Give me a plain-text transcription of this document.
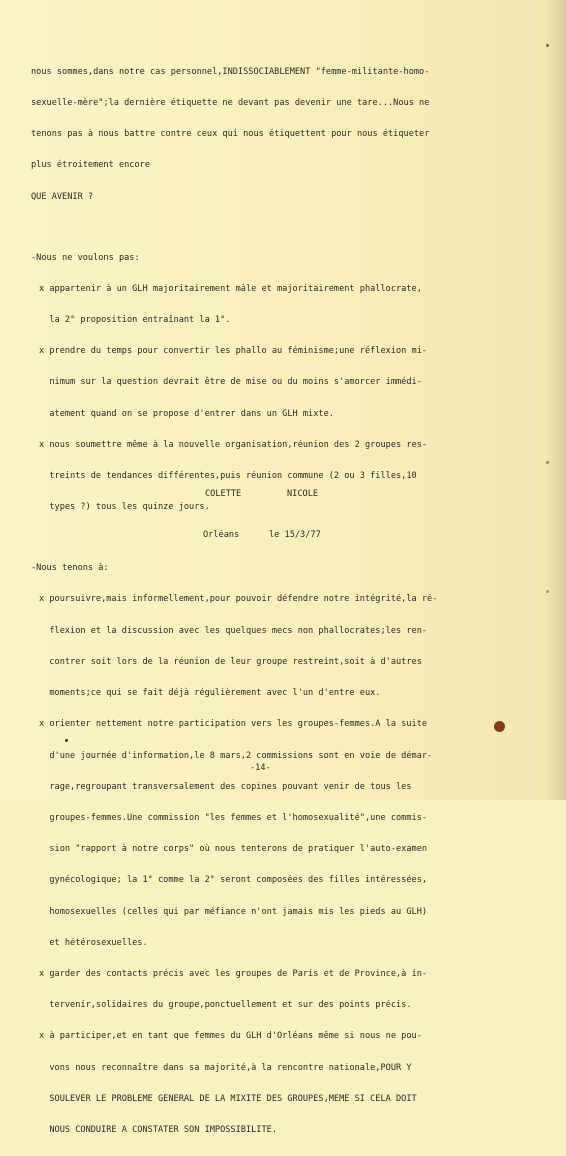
nous sommes,dans notre cas personnel,INDISSOCIABLEMENT "femme-militante-homo-

sexuelle-mère";la dernière étiquette ne devant pas devenir une tare...Nous ne

tenons pas à nous battre contre ceux qui nous étiquettent pour nous étiqueter

plus étroitement encore

QUE AVENIR ?

-Nous ne voulons pas:

x appartenir à un GLH majoritairement mâle et majoritairement phallocrate,

la 2° proposition entraînant la 1°.

x prendre du temps pour convertir les phallo au féminisme;une réflexion mi-

nimum sur la question devrait être de mise ou du moins s'amorcer immédi-

atement quand on se propose d'entrer dans un GLH mixte.

x nous soumettre même à la nouvelle organisation,réunion des 2 groupes res-

treints de tendances différentes,puis réunion commune (2 ou 3 filles,10

types ?) tous les quinze jours.

-Nous tenons à:

x poursuivre,mais informellement,pour pouvoir défendre notre intégrité,la ré-

flexion et la discussion avec les quelques mecs non phallocrates;les ren-

contrer soit lors de la réunion de leur groupe restreint,soit à d'autres

moments;ce qui se fait déjà régulièrement avec l'un d'entre eux.

x orienter nettement notre participation vers les groupes-femmes.A la suite

d'une journée d'information,le 8 mars,2 commissions sont en voie de démar-

rage,regroupant transversalement des copines pouvant venir de tous les

groupes-femmes.Une commission "les femmes et l'homosexualité",une commis-

sion "rapport à notre corps" où nous tenterons de pratiquer l'auto-examen

gynécologique; la 1° comme la 2° seront composées des filles intéressées,

homosexuelles (celles qui par méfiance n'ont jamais mis les pieds au GLH)

et hétérosexuelles.

x garder des contacts précis avec les groupes de Paris et de Province,à in-

tervenir,solidaires du groupe,ponctuellement et sur des points précis.

x à participer,et en tant que femmes du GLH d'Orléans même si nous ne pou-

vons nous reconnaître dans sa majorité,à la rencontre nationale,POUR Y

SOULEVER LE PROBLEME GENERAL DE LA MIXITE DES GROUPES,MEME SI CELA DOIT

NOUS CONDUIRE A CONSTATER SON IMPOSSIBILITE.

COLETTE	NICOLE
Orléans	le 15/3/77
-14-
